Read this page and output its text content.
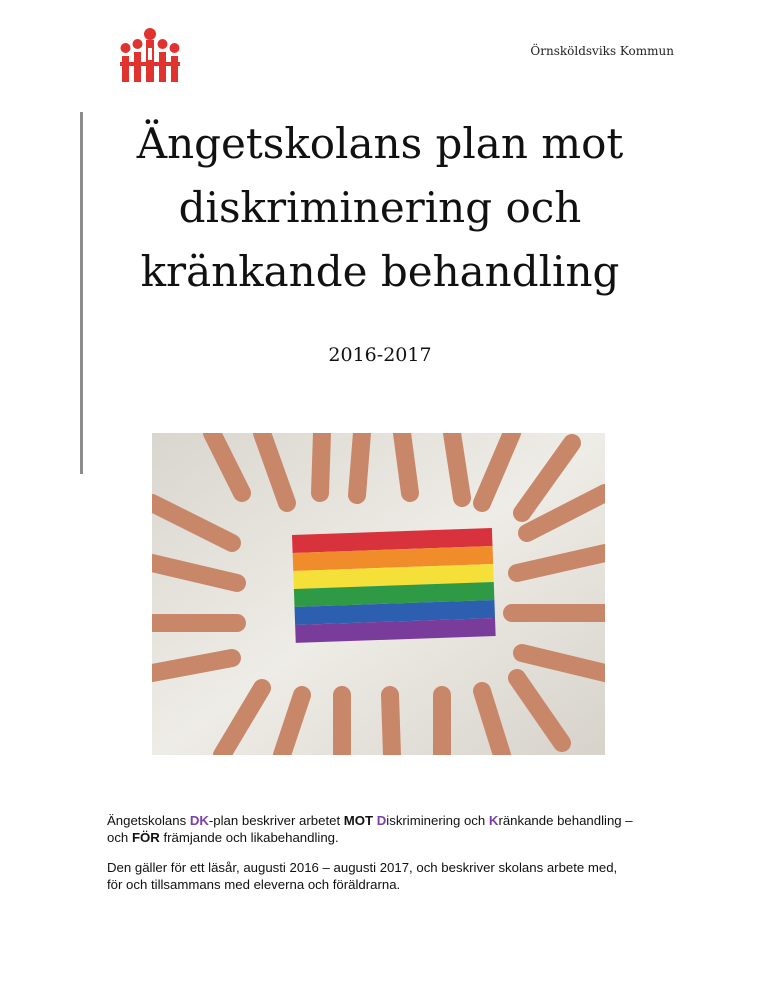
Örnsköldsviks Kommun
Ängetskolans plan mot
diskriminering och
kränkande behandling
2016-2017

Ängetskolans DK-plan beskriver arbetet MOT Diskriminering och Kränkande behandling –
och FÖR främjande och likabehandling.

Den gäller för ett läsår, augusti 2016 – augusti 2017, och beskriver skolans arbete med,
för och tillsammans med eleverna och föräldrarna.
